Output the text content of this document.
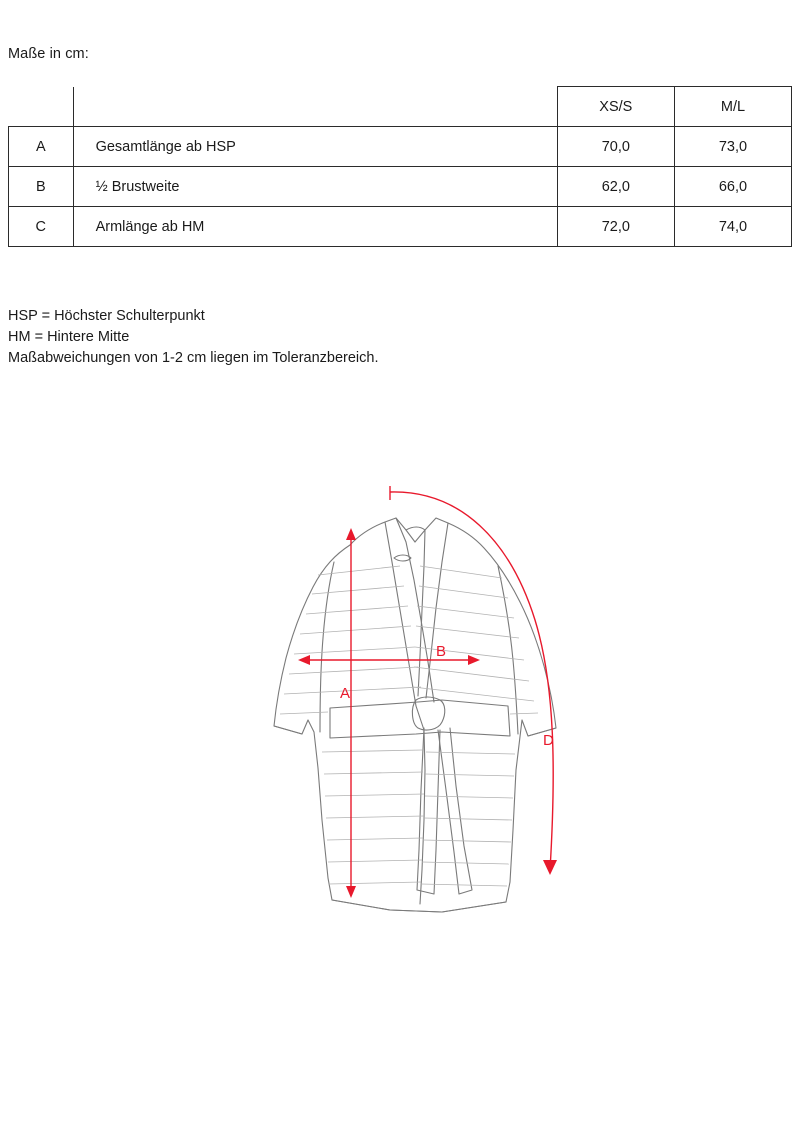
Maße in cm:
		XS/S	M/L
A	Gesamtlänge ab HSP	70,0	73,0
B	½ Brustweite	62,0	66,0
C	Armlänge ab HM	72,0	74,0
HSP = Höchster Schulterpunkt
HM = Hintere Mitte
Maßabweichungen von 1-2 cm liegen im Toleranzbereich.
A
B
D
